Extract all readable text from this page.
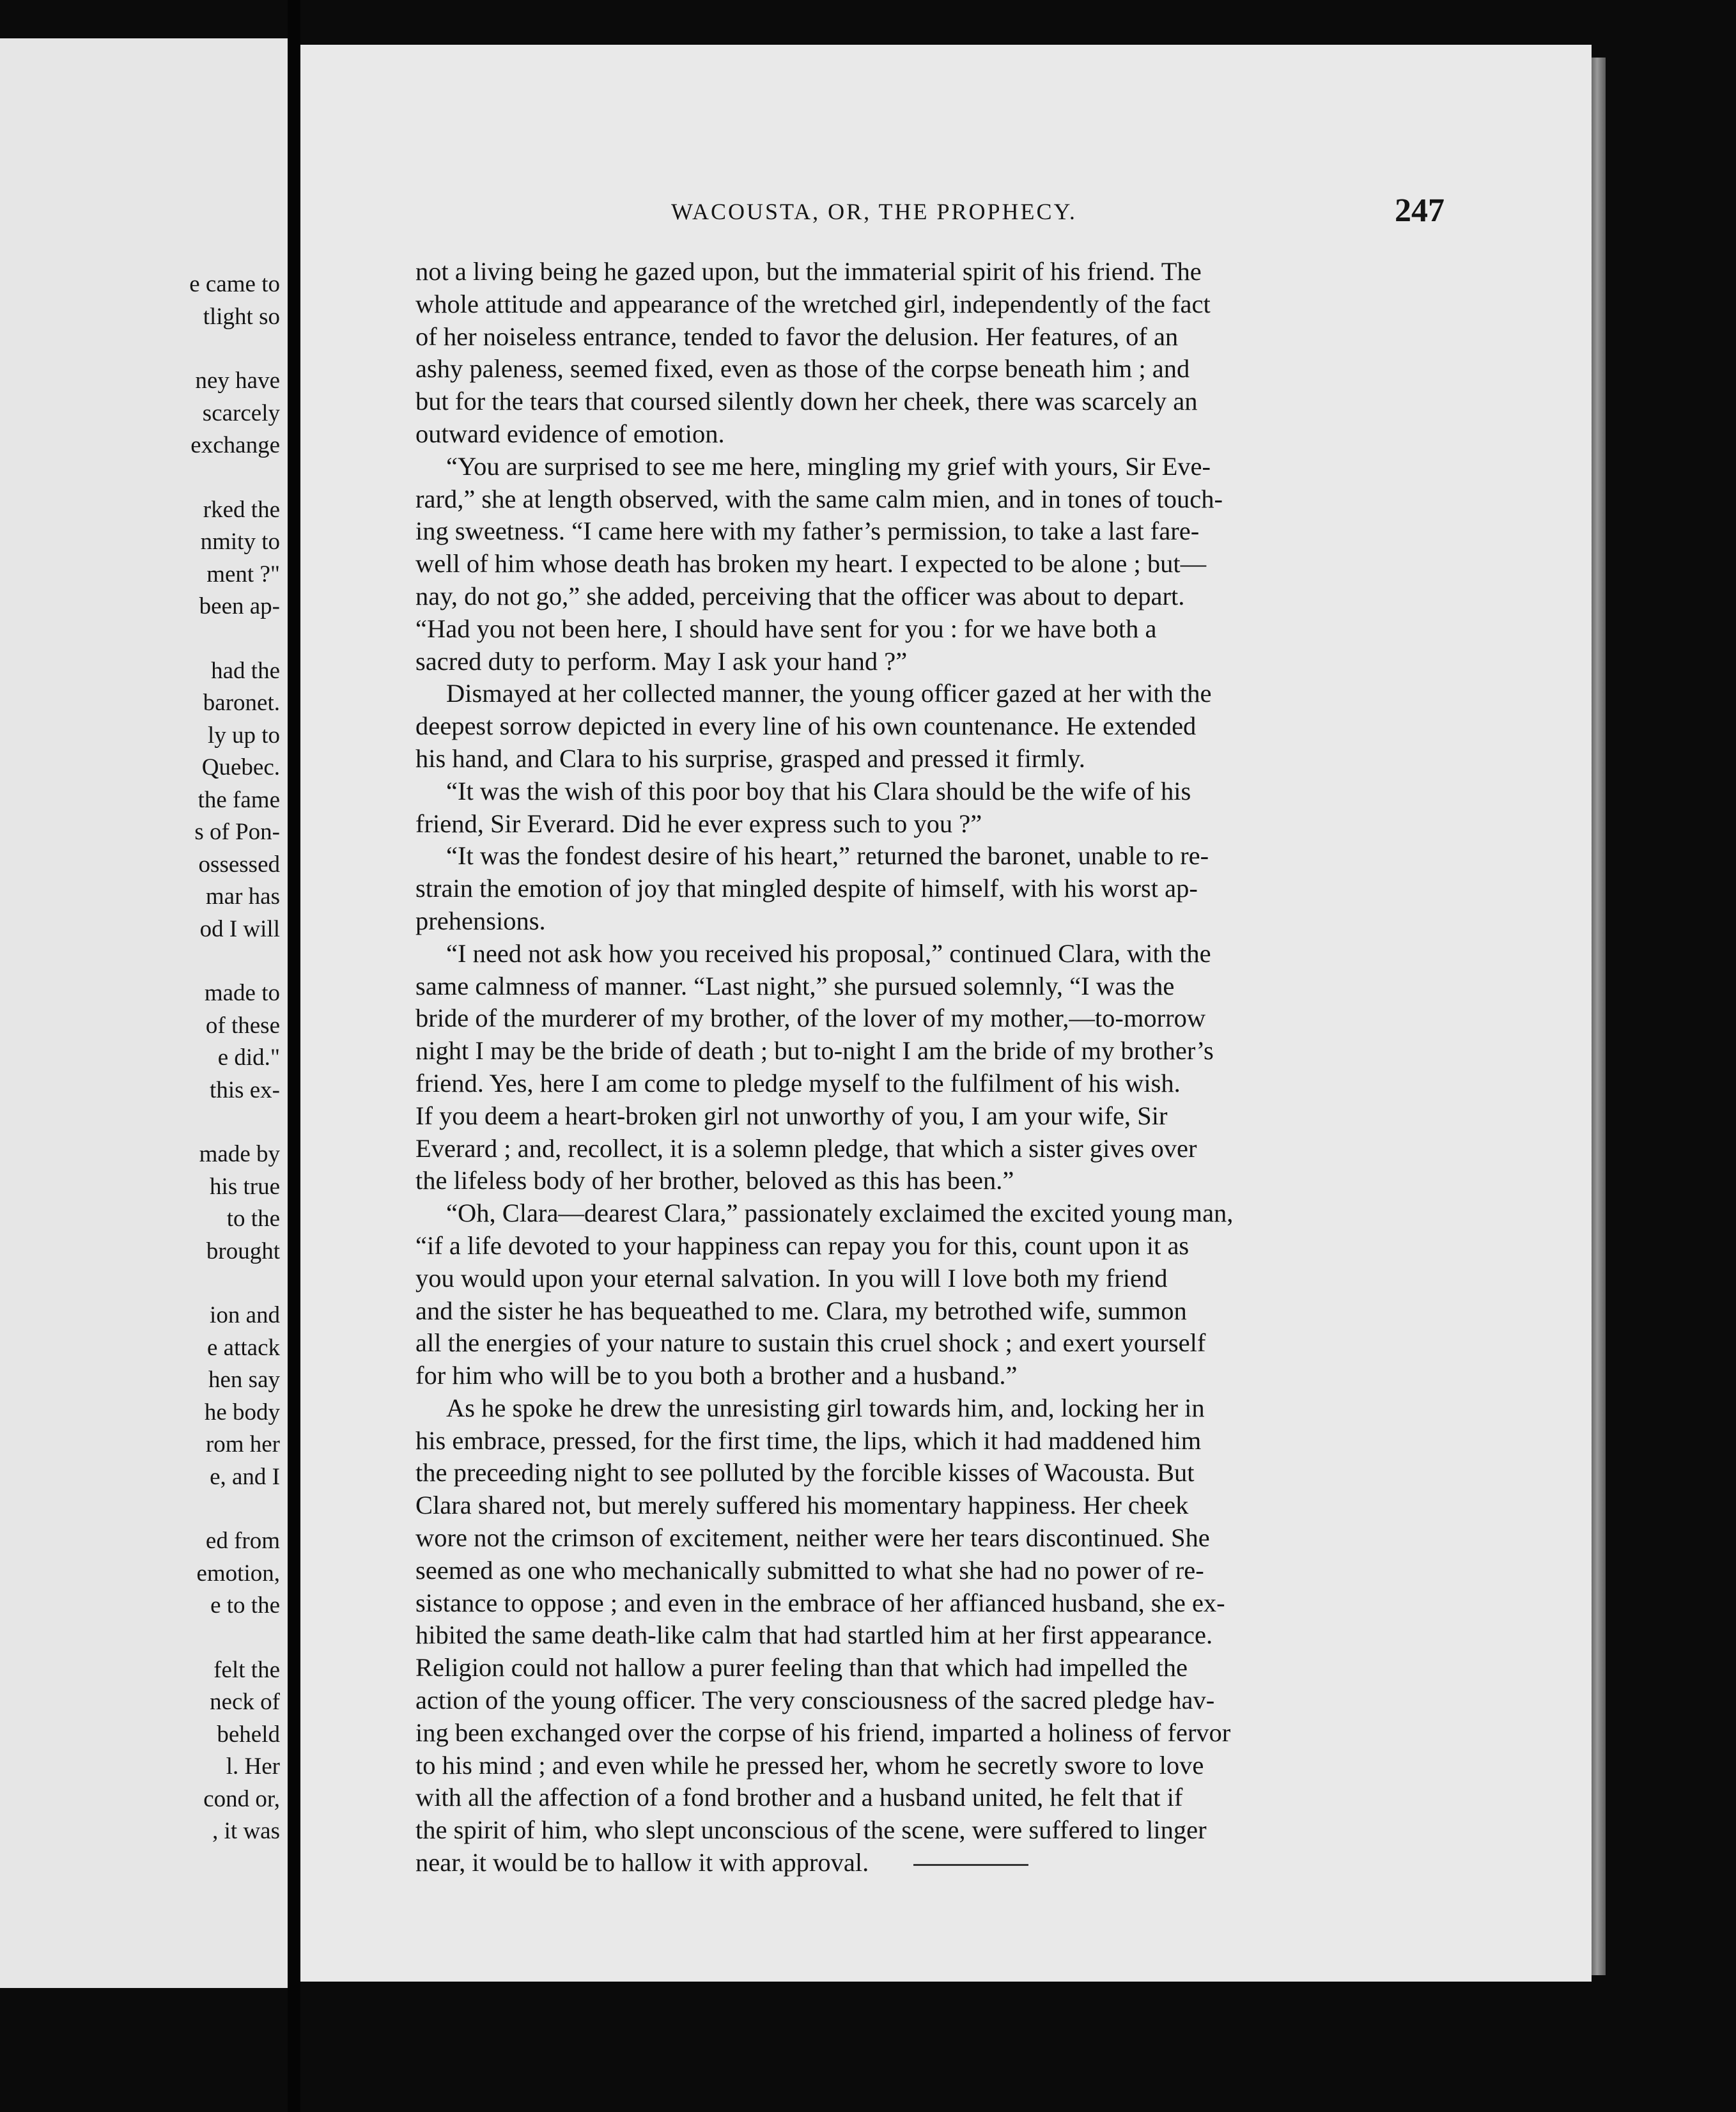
e came to
tlight so
ney have
scarcely
exchange
rked the
nmity to
ment ?"
been ap-
had the
baronet.
ly up to
Quebec.
the fame
s of Pon-
ossessed
mar has
od I will
made to
of these
e did."
this ex-
made by
his true
to the
brought
ion and
e attack
hen say
he body
rom her
e, and I
ed from
emotion,
e to the
felt the
neck of
beheld
l. Her
cond or,
, it was
WACOUSTA, OR, THE PROPHECY.	247
not a living being he gazed upon, but the immaterial spirit of his friend. The
whole attitude and appearance of the wretched girl, independently of the fact
of her noiseless entrance, tended to favor the delusion. Her features, of an
ashy paleness, seemed fixed, even as those of the corpse beneath him ; and
but for the tears that coursed silently down her cheek, there was scarcely an
outward evidence of emotion.
“You are surprised to see me here, mingling my grief with yours, Sir Eve-
rard,” she at length observed, with the same calm mien, and in tones of touch-
ing sweetness. “I came here with my father’s permission, to take a last fare-
well of him whose death has broken my heart. I expected to be alone ; but—
nay, do not go,” she added, perceiving that the officer was about to depart.
“Had you not been here, I should have sent for you : for we have both a
sacred duty to perform. May I ask your hand ?”
Dismayed at her collected manner, the young officer gazed at her with the
deepest sorrow depicted in every line of his own countenance. He extended
his hand, and Clara to his surprise, grasped and pressed it firmly.
“It was the wish of this poor boy that his Clara should be the wife of his
friend, Sir Everard. Did he ever express such to you ?”
“It was the fondest desire of his heart,” returned the baronet, unable to re-
strain the emotion of joy that mingled despite of himself, with his worst ap-
prehensions.
“I need not ask how you received his proposal,” continued Clara, with the
same calmness of manner. “Last night,” she pursued solemnly, “I was the
bride of the murderer of my brother, of the lover of my mother,—to-morrow
night I may be the bride of death ; but to-night I am the bride of my brother’s
friend. Yes, here I am come to pledge myself to the fulfilment of his wish.
If you deem a heart-broken girl not unworthy of you, I am your wife, Sir
Everard ; and, recollect, it is a solemn pledge, that which a sister gives over
the lifeless body of her brother, beloved as this has been.”
“Oh, Clara—dearest Clara,” passionately exclaimed the excited young man,
“if a life devoted to your happiness can repay you for this, count upon it as
you would upon your eternal salvation. In you will I love both my friend
and the sister he has bequeathed to me. Clara, my betrothed wife, summon
all the energies of your nature to sustain this cruel shock ; and exert yourself
for him who will be to you both a brother and a husband.”
As he spoke he drew the unresisting girl towards him, and, locking her in
his embrace, pressed, for the first time, the lips, which it had maddened him
the preceeding night to see polluted by the forcible kisses of Wacousta. But
Clara shared not, but merely suffered his momentary happiness. Her cheek
wore not the crimson of excitement, neither were her tears discontinued. She
seemed as one who mechanically submitted to what she had no power of re-
sistance to oppose ; and even in the embrace of her affianced husband, she ex-
hibited the same death-like calm that had startled him at her first appearance.
Religion could not hallow a purer feeling than that which had impelled the
action of the young officer. The very consciousness of the sacred pledge hav-
ing been exchanged over the corpse of his friend, imparted a holiness of fervor
to his mind ; and even while he pressed her, whom he secretly swore to love
with all the affection of a fond brother and a husband united, he felt that if
the spirit of him, who slept unconscious of the scene, were suffered to linger
near, it would be to hallow it with approval.
